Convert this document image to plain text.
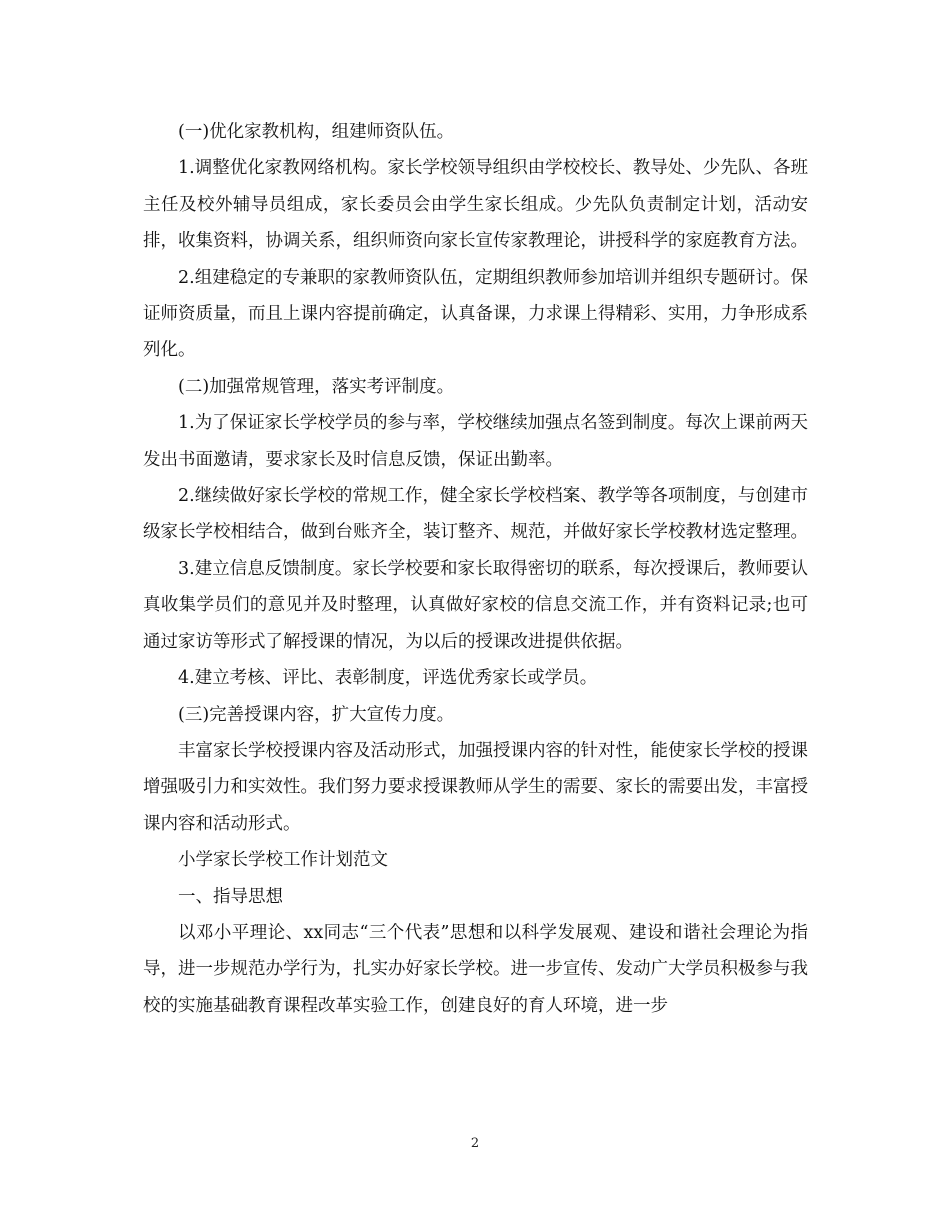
(一)优化家教机构，组建师资队伍。

1.调整优化家教网络机构。家长学校领导组织由学校校长、教导处、少先队、各班主任及校外辅导员组成，家长委员会由学生家长组成。少先队负责制定计划，活动安排，收集资料，协调关系，组织师资向家长宣传家教理论，讲授科学的家庭教育方法。

2.组建稳定的专兼职的家教师资队伍，定期组织教师参加培训并组织专题研讨。保证师资质量，而且上课内容提前确定，认真备课，力求课上得精彩、实用，力争形成系列化。

(二)加强常规管理，落实考评制度。

1.为了保证家长学校学员的参与率，学校继续加强点名签到制度。每次上课前两天发出书面邀请，要求家长及时信息反馈，保证出勤率。

2.继续做好家长学校的常规工作，健全家长学校档案、教学等各项制度，与创建市级家长学校相结合，做到台账齐全，装订整齐、规范，并做好家长学校教材选定整理。

3.建立信息反馈制度。家长学校要和家长取得密切的联系，每次授课后，教师要认真收集学员们的意见并及时整理，认真做好家校的信息交流工作，并有资料记录;也可通过家访等形式了解授课的情况，为以后的授课改进提供依据。

4.建立考核、评比、表彰制度，评选优秀家长或学员。

(三)完善授课内容，扩大宣传力度。

丰富家长学校授课内容及活动形式，加强授课内容的针对性，能使家长学校的授课增强吸引力和实效性。我们努力要求授课教师从学生的需要、家长的需要出发，丰富授课内容和活动形式。

小学家长学校工作计划范文

一、指导思想

以邓小平理论、xx同志“三个代表”思想和以科学发展观、建设和谐社会理论为指导，进一步规范办学行为，扎实办好家长学校。进一步宣传、发动广大学员积极参与我校的实施基础教育课程改革实验工作，创建良好的育人环境，进一步

2
